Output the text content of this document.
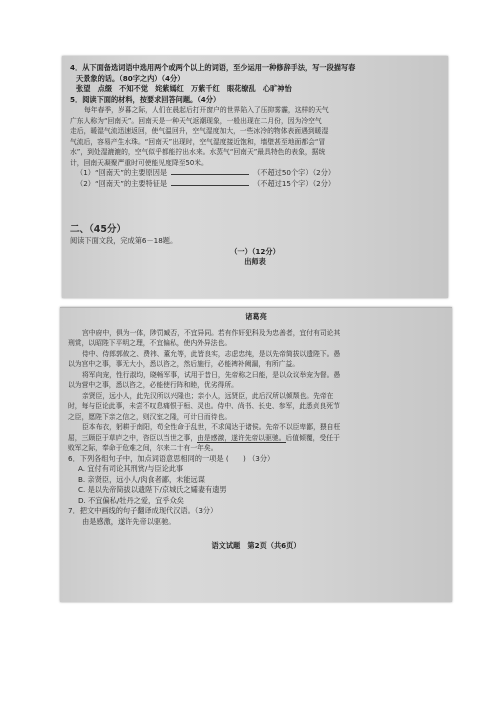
4．从下面备选词语中选用两个或两个以上的词语，至少运用一种修辞手法，写一段描写春
天景象的话。（80字之内）（4分）
张望　点缀　不知不觉　姹紫嫣红　万紫千红　眼花缭乱　心旷神怡
5．阅读下面的材料，按要求回答问题。（4分）
每年春季，岁暮之际，人们在晨起后打开窗户的世界陷入了压抑雾霾，这样的天气
广东人称为“回南天”。回南天是一种天气返潮现象，一般出现在二月份，因为冷空气
走后，暖湿气流迅速返回，使气温回升，空气湿度加大，一些冰冷的物体表面遇到暖湿
气流后，容易产生水珠。“回南天”出现时，空气湿度接近饱和，墙壁甚至地面都会“冒
水”，到处湿漉漉的，空气似乎都能拧出水来。水蒸气“回南天”最具特色的表象，据统
计，回南天凝聚严重时可使能见度降至50米。
（1）“回南天”的主要原因是	（不超过50个字）（2分）
（2）“回南天”的主要特征是	（不超过15个字）（2分）
二、（45分）
阅读下面文段，完成第6－18题。
（一）（12分）
出师表
诸葛亮
宫中府中，俱为一体，陟罚臧否，不宜异同。若有作奸犯科及为忠善者，宜付有司论其
刑赏，以昭陛下平明之理，不宜偏私，使内外异法也。
侍中、侍郎郭攸之、费祎、董允等，此皆良实，志虑忠纯，是以先帝简拔以遗陛下。愚
以为宫中之事，事无大小，悉以咨之，然后施行，必能裨补阙漏，有所广益。
将军向宠，性行淑均，晓畅军事，试用于昔日，先帝称之曰能，是以众议举宠为督。愚
以为营中之事，悉以咨之，必能使行阵和睦，优劣得所。
亲贤臣，远小人，此先汉所以兴隆也；亲小人，远贤臣，此后汉所以倾颓也。先帝在
时，每与臣论此事，未尝不叹息痛恨于桓、灵也。侍中、尚书、长史、参军，此悉贞良死节
之臣，愿陛下亲之信之，则汉室之隆，可计日而待也。
臣本布衣，躬耕于南阳，苟全性命于乱世，不求闻达于诸侯。先帝不以臣卑鄙，猥自枉
屈，三顾臣于草庐之中，咨臣以当世之事，由是感激，遂许先帝以驱驰。后值倾覆，受任于
败军之际，奉命于危难之间，尔来二十有一年矣。
6．下列各组句子中，加点词语意思相同的一项是 (　　) （3分）
A. 宜付有司论其刑赏/与臣论此事
B. 亲贤臣，远小人/肉食者鄙，未能远谋
C. 是以先帝简拔以遗陛下/京城氏之孀妻有遗男
D. 不宜偏私/牡丹之爱，宜乎众矣
7．把文中画线的句子翻译成现代汉语。（3分）
由是感激，遂许先帝以驱驰。
语文试题　第2页（共6页）
